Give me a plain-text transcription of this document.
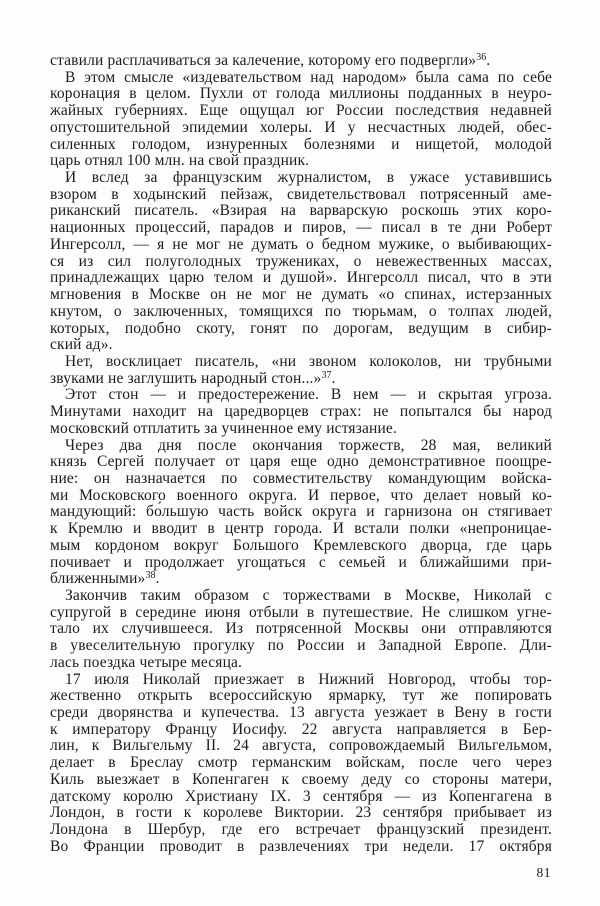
ставили расплачиваться за калечение, которому его подвергли»$^{36}$.
В этом смысле «издевательством над народом» была сама по себе
коронация в целом. Пухли от голода миллионы подданных в неуро-
жайных губерниях. Еще ощущал юг России последствия недавней
опустошительной эпидемии холеры. И у несчастных людей, обес-
силенных голодом, изнуренных болезнями и нищетой, молодой
царь отнял 100 млн. на свой праздник.
И вслед за французским журналистом, в ужасе уставившись
взором в ходынский пейзаж, свидетельствовал потрясенный аме-
риканский писатель. «Взирая на варварскую роскошь этих коро-
национных процессий, парадов и пиров, — писал в те дни Роберт
Ингерсолл, — я не мог не думать о бедном мужике, о выбивающих-
ся из сил полуголодных тружениках, о невежественных массах,
принадлежащих царю телом и душой». Ингерсолл писал, что в эти
мгновения в Москве он не мог не думать «о спинах, истерзанных
кнутом, о заключенных, томящихся по тюрьмам, о толпах людей,
которых, подобно скоту, гонят по дорогам, ведущим в сибир-
ский ад».
Нет, восклицает писатель, «ни звоном колоколов, ни трубными
звуками не заглушить народный стон...»$^{37}$.
Этот стон — и предостережение. В нем — и скрытая угроза.
Минутами находит на царедворцев страх: не попытался бы народ
московский отплатить за учиненное ему истязание.
Через два дня после окончания торжеств, 28 мая, великий
князь Сергей получает от царя еще одно демонстративное поощре-
ние: он назначается по совместительству командующим войска-
ми Московского военного округа. И первое, что делает новый ко-
мандующий: бо́льшую часть войск округа и гарнизона он стягивает
к Кремлю и вводит в центр города. И встали полки «непроницае-
мым кордоном вокруг Большого Кремлевского дворца, где царь
почивает и продолжает угощаться с семьей и ближайшими при-
ближенными»$^{38}$.
Закончив таким образом с торжествами в Москве, Николай с
супругой в середине июня отбыли в путешествие. Не слишком угне-
тало их случившееся. Из потрясенной Москвы они отправляются
в увеселительную прогулку по России и Западной Европе. Дли-
лась поездка четыре месяца.
17 июля Николай приезжает в Нижний Новгород, чтобы тор-
жественно открыть всероссийскую ярмарку, тут же попировать
среди дворянства и купечества. 13 августа уезжает в Вену в гости
к императору Францу Иосифу. 22 августа направляется в Бер-
лин, к Вильгельму II. 24 августа, сопровождаемый Вильгельмом,
делает в Бреслау смотр германским войскам, после чего через
Киль выезжает в Копенгаген к своему деду со стороны матери,
датскому королю Христиану IX. 3 сентября — из Копенгагена в
Лондон, в гости к королеве Виктории. 23 сентября прибывает из
Лондона в Шербур, где его встречает французский президент.
Во Франции проводит в развлечениях три недели. 17 октября
81
